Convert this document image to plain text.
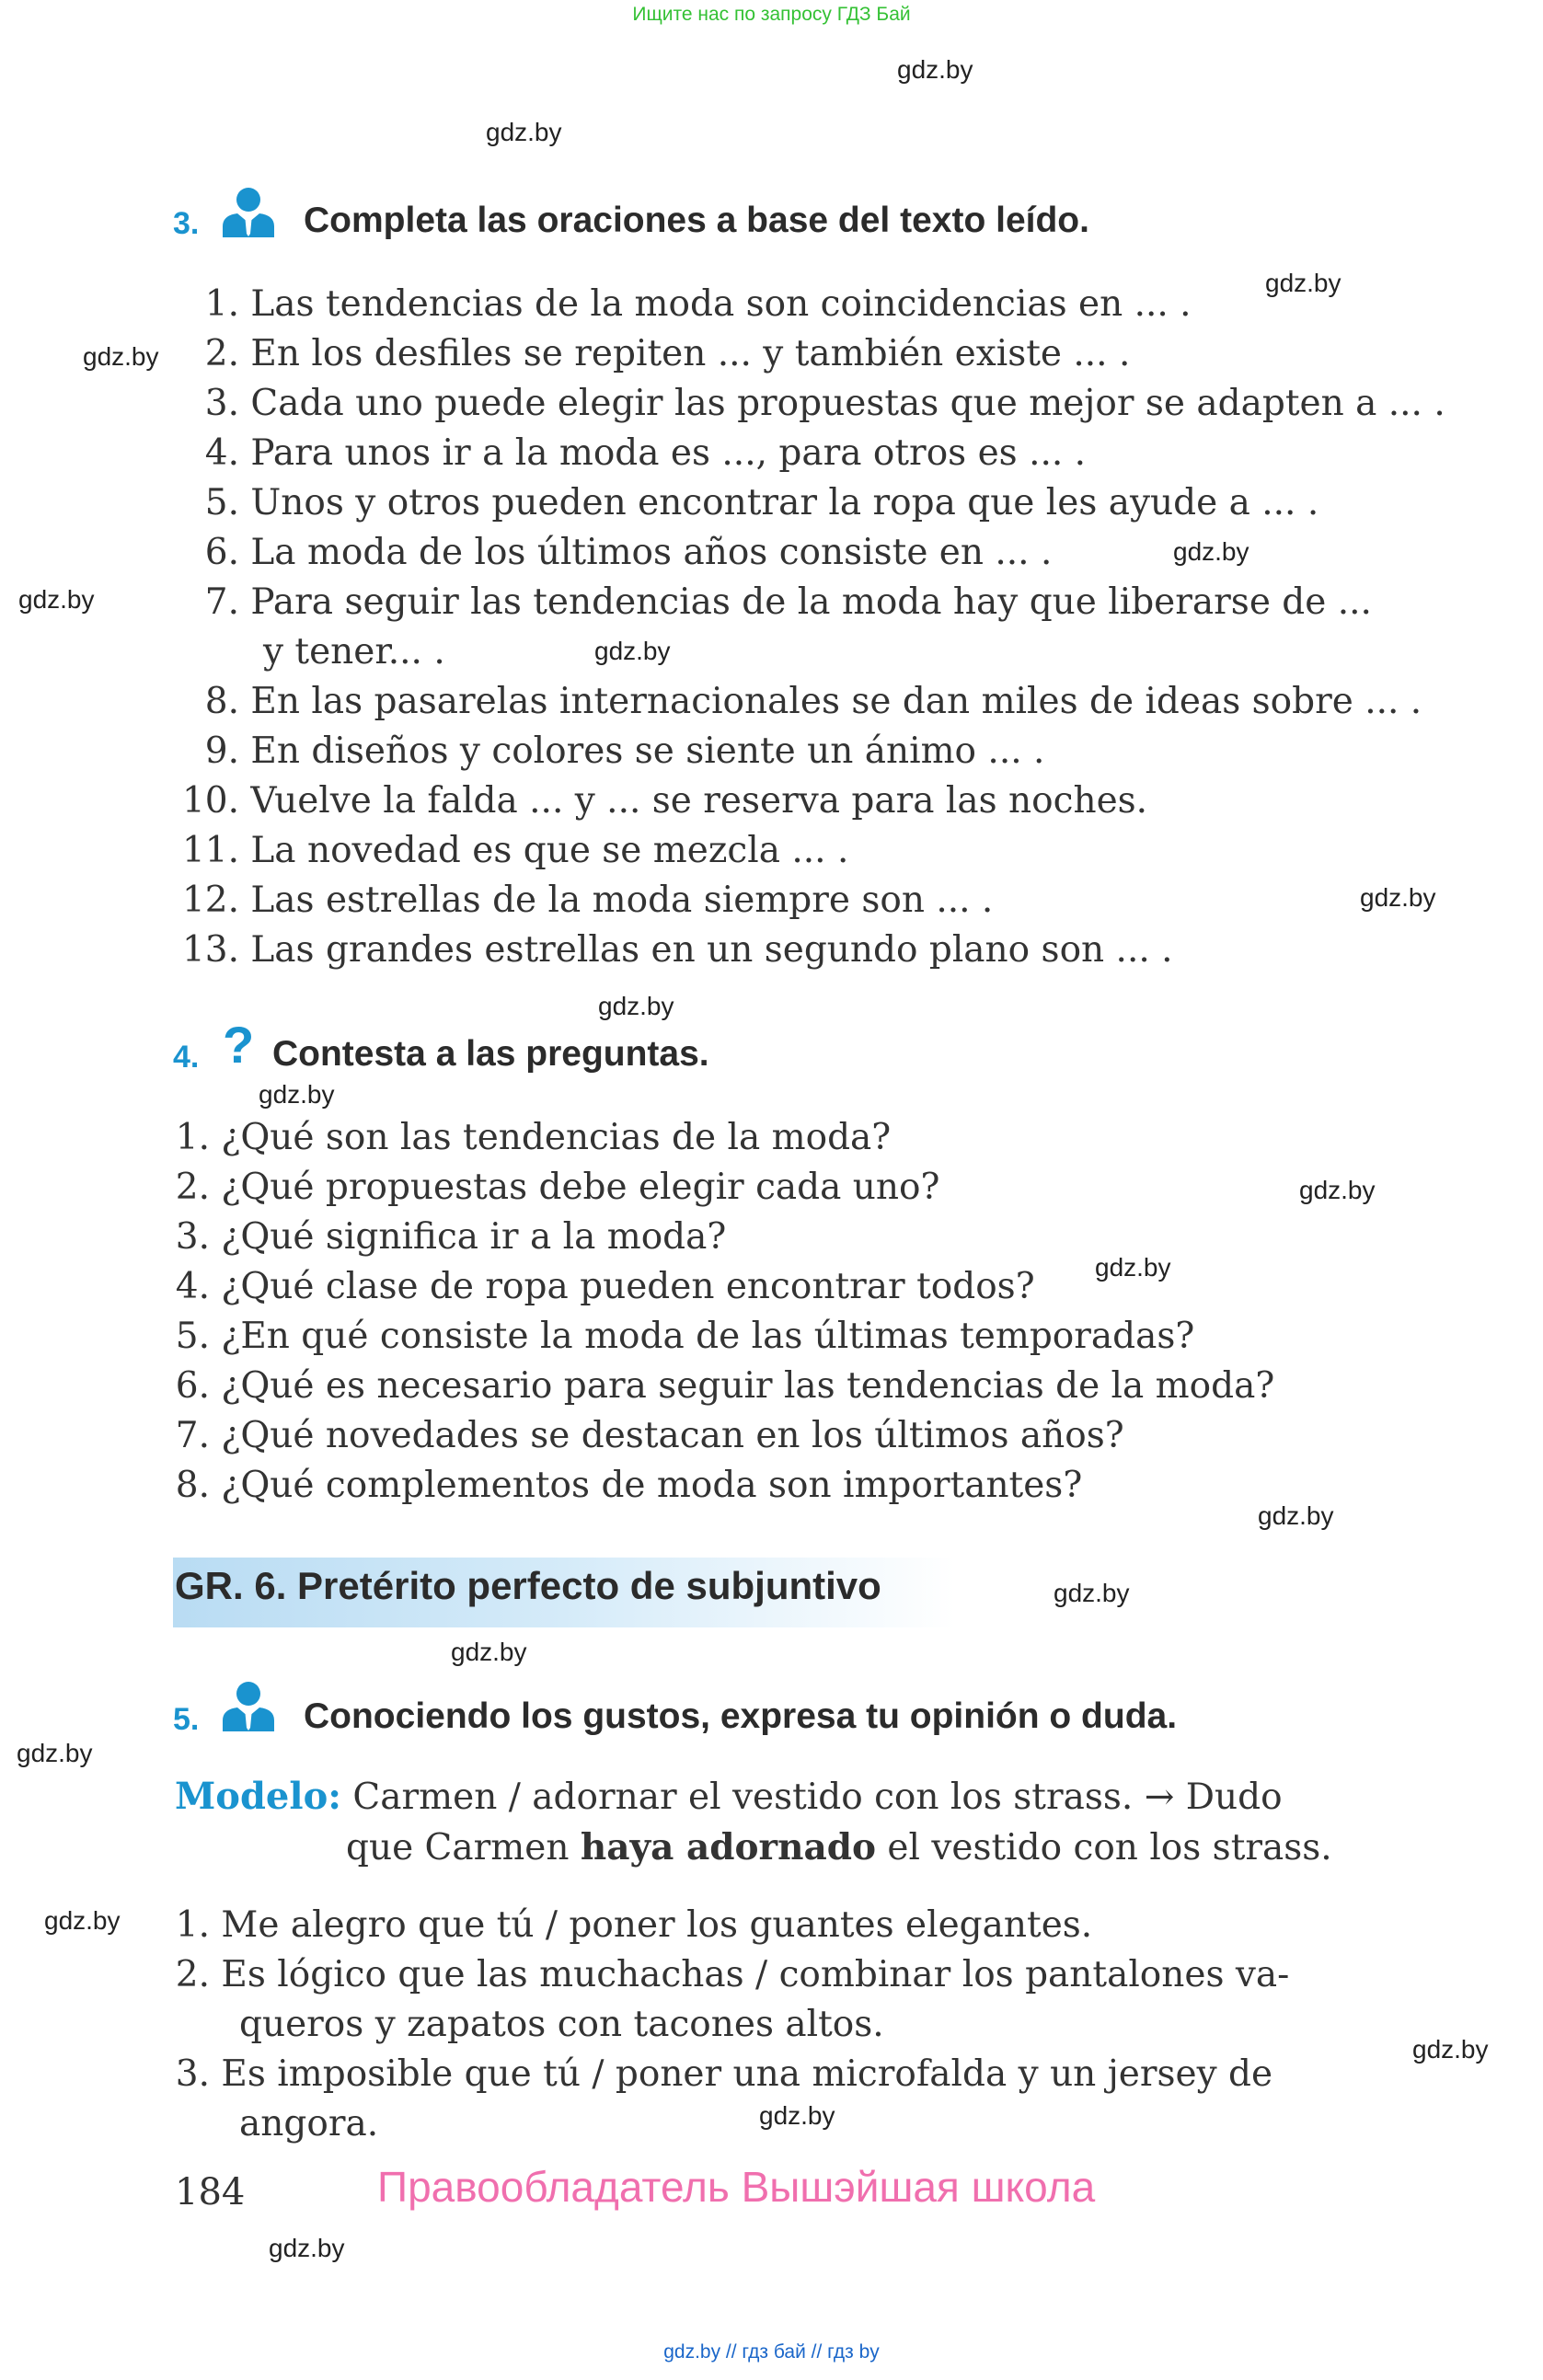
Ищите нас по запросу ГДЗ Бай
gdz.by
gdz.by
gdz.by
gdz.by
gdz.by
gdz.by
gdz.by
gdz.by
gdz.by
gdz.by
gdz.by
gdz.by
gdz.by
gdz.by
gdz.by
gdz.by
gdz.by
gdz.by
gdz.by
gdz.by
3.	Completa las oraciones a base del texto leído.
1. Las tendencias de la moda son coincidencias en ... .
2. En los desfiles se repiten ... y también existe ... .
3. Cada uno puede elegir las propuestas que mejor se adapten a ... .
4. Para unos ir a la moda es ..., para otros es ... .
5. Unos y otros pueden encontrar la ropa que les ayude a ... .
6. La moda de los últimos años consiste en ... .
7. Para seguir las tendencias de la moda hay que liberarse de ...
y tener... .
8. En las pasarelas internacionales se dan miles de ideas sobre ... .
9. En diseños y colores se siente un ánimo ... .
10. Vuelve la falda ... y ... se reserva para las noches.
11. La novedad es que se mezcla ... .
12. Las estrellas de la moda siempre son ... .
13. Las grandes estrellas en un segundo plano son ... .
4. ? Contesta a las preguntas.
1. ¿Qué son las tendencias de la moda?
2. ¿Qué propuestas debe elegir cada uno?
3. ¿Qué significa ir a la moda?
4. ¿Qué clase de ropa pueden encontrar todos?
5. ¿En qué consiste la moda de las últimas temporadas?
6. ¿Qué es necesario para seguir las tendencias de la moda?
7. ¿Qué novedades se destacan en los últimos años?
8. ¿Qué complementos de moda son importantes?
GR. 6. Pretérito perfecto de subjuntivo
5.	Conociendo los gustos, expresa tu opinión o duda.
Modelo: Carmen / adornar el vestido con los strass. → Dudo
que Carmen haya adornado el vestido con los strass.
1. Me alegro que tú / poner los guantes elegantes.
2. Es lógico que las muchachas / combinar los pantalones va-
queros y zapatos con tacones altos.
3. Es imposible que tú / poner una microfalda y un jersey de
angora.
184	Правообладатель Вышэйшая школа
gdz.by // гдз бай // гдз by
